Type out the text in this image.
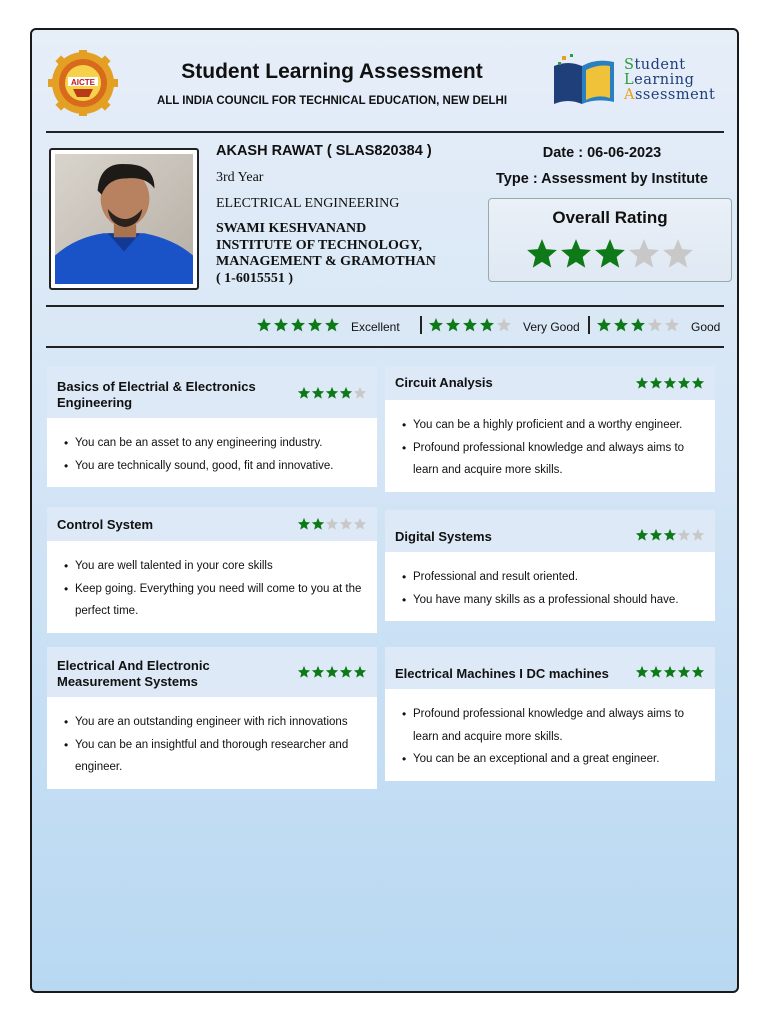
AICTE	Student Learning Assessment
ALL INDIA COUNCIL FOR TECHNICAL EDUCATION, NEW DELHI
Student
Learning
Assessment
AKASH RAWAT ( SLAS820384 )
3rd Year
ELECTRICAL ENGINEERING
SWAMI KESHVANAND
INSTITUTE OF TECHNOLOGY,
MANAGEMENT & GRAMOTHAN
( 1-6015551 )
Date : 06-06-2023
Type : Assessment by Institute
Overall Rating
Excellent	Very Good	Good
Basics of Electrial & Electronics Engineering
• You can be an asset to any engineering industry.
• You are technically sound, good, fit and innovative.
Circuit Analysis
• You can be a highly proficient and a worthy engineer.
• Profound professional knowledge and always aims to learn and acquire more skills.
Control System
• You are well talented in your core skills
• Keep going. Everything you need will come to you at the perfect time.
Digital Systems
• Professional and result oriented.
• You have many skills as a professional should have.
Electrical And Electronic Measurement Systems
• You are an outstanding engineer with rich innovations
• You can be an insightful and thorough researcher and engineer.
Electrical Machines I DC machines
• Profound professional knowledge and always aims to learn and acquire more skills.
• You can be an exceptional and a great engineer.
